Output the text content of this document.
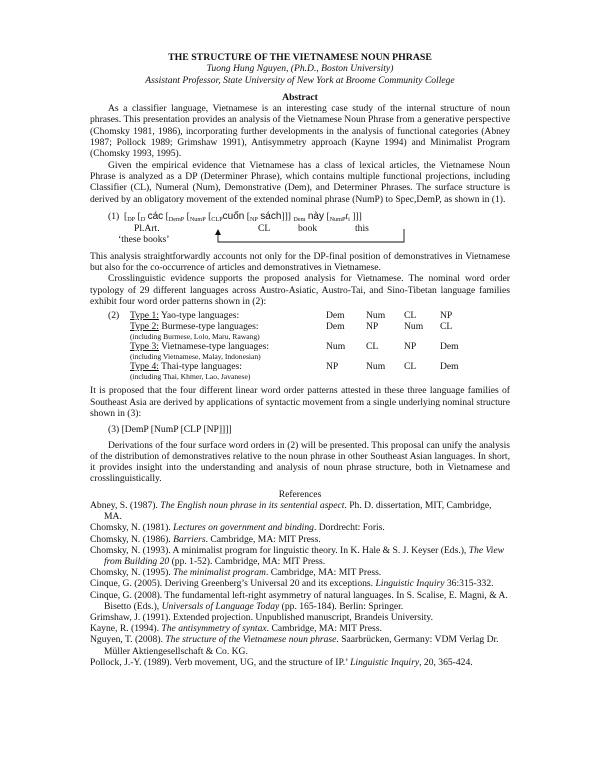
THE STRUCTURE OF THE VIETNAMESE NOUN PHRASE
Tuong Hung Nguyen, (Ph.D., Boston University)
Assistant Professor, State University of New York at Broome Community College
Abstract
As a classifier language, Vietnamese is an interesting case study of the internal structure of noun phrases. This presentation provides an analysis of the Vietnamese Noun Phrase from a generative perspective (Chomsky 1981, 1986), incorporating further developments in the analysis of functional categories (Abney 1987; Pollock 1989; Grimshaw 1991), Antisymmetry approach (Kayne 1994) and Minimalist Program (Chomsky 1993, 1995).
Given the empirical evidence that Vietnamese has a class of lexical articles, the Vietnamese Noun Phrase is analyzed as a DP (Determiner Phrase), which contains multiple functional projections, including Classifier (CL), Numeral (Num), Demonstrative (Dem), and Determiner Phrases. The surface structure is derived by an obligatory movement of the extended nominal phrase (NumP) to Spec,DemP, as shown in (1).
(1) [$_{DP}$ [$_D$ các [$_{DemP}$ [$_{NumP}$ [$_{CLP}cuốn$ [$_{NP}$ sách]]] $_{Dem}$ này [$_{NumP}t_i$ ]]]
Pl.Art.	CL	book	this
‘these books’
This analysis straightforwardly accounts not only for the DP-final position of demonstratives in Vietnamese but also for the co-occurrence of articles and demonstratives in Vietnamese.
Crosslinguistic evidence supports the proposed analysis for Vietnamese. The nominal word order typology of 29 different languages across Austro-Asiatic, Austro-Tai, and Sino-Tibetan language families exhibit four word order patterns shown in (2):
(2)	Type 1: Yao-type languages:	Dem	Num	CL	NP
	Type 2: Burmese-type languages:
(including Burmese, Lolo, Maru, Rawang)	Dem	NP	Num	CL
	Type 3: Vietnamese-type languages:
(including Vietnamese, Malay, Indonesian)	Num	CL	NP	Dem
	Type 4: Thai-type languages:
(including Thai, Khmer, Lao, Javanese)	NP	Num	CL	Dem
It is proposed that the four different linear word order patterns attested in these three language families of Southeast Asia are derived by applications of syntactic movement from a single underlying nominal structure shown in (3):
(3) [DemP [NumP [CLP [NP]]]]
Derivations of the four surface word orders in (2) will be presented. This proposal can unify the analysis of the distribution of demonstratives relative to the noun phrase in other Southeast Asian languages. In short, it provides insight into the understanding and analysis of noun phrase structure, both in Vietnamese and crosslinguistically.
References
Abney, S. (1987). The English noun phrase in its sentential aspect. Ph. D. dissertation, MIT, Cambridge, MA.
Chomsky, N. (1981). Lectures on government and binding. Dordrecht: Foris.
Chomsky, N. (1986). Barriers. Cambridge, MA: MIT Press.
Chomsky, N. (1993). A minimalist program for linguistic theory. In K. Hale & S. J. Keyser (Eds.), The View from Building 20 (pp. 1-52). Cambridge, MA: MIT Press.
Chomsky, N. (1995). The minimalist program. Cambridge, MA: MIT Press.
Cinque, G. (2005). Deriving Greenberg’s Universal 20 and its exceptions. Linguistic Inquiry 36:315-332.
Cinque, G. (2008). The fundamental left-right asymmetry of natural languages. In S. Scalise, E. Magni, & A. Bisetto (Eds.), Universals of Language Today (pp. 165-184). Berlin: Springer.
Grimshaw, J. (1991). Extended projection. Unpublished manuscript, Brandeis University.
Kayne, R. (1994). The antisymmetry of syntax. Cambridge, MA: MIT Press.
Nguyen, T. (2008). The structure of the Vietnamese noun phrase. Saarbrücken, Germany: VDM Verlag Dr. Müller Aktiengesellschaft & Co. KG.
Pollock, J.-Y. (1989). Verb movement, UG, and the structure of IP.’ Linguistic Inquiry, 20, 365-424.
